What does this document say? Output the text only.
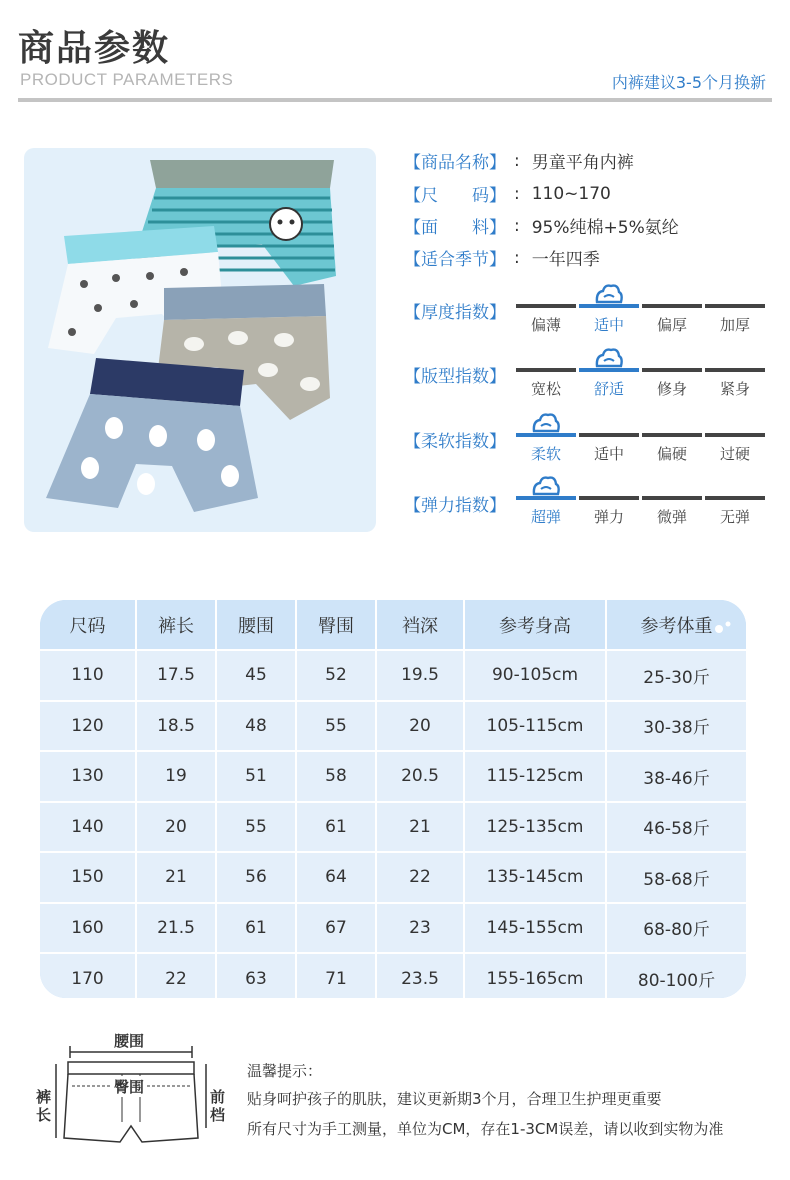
商品参数
PRODUCT PARAMETERS	内裤建议3-5个月换新
【商品名称】 : 男童平角内裤
【尺　　码】 : 110~170
【面　　料】 : 95%纯棉+5%氨纶
【适合季节】 : 一年四季
【厚度指数】
偏薄	适中	偏厚	加厚
【版型指数】
宽松	舒适	修身	紧身
【柔软指数】
柔软	适中	偏硬	过硬
【弹力指数】
超弹	弹力	微弹	无弹
尺码	裤长	腰围	臀围	裆深	参考身高	参考体重
110	17.5	45	52	19.5	90-105cm	25-30斤
120	18.5	48	55	20	105-115cm	30-38斤
130	19	51	58	20.5	115-125cm	38-46斤
140	20	55	61	21	125-135cm	46-58斤
150	21	56	64	22	135-145cm	58-68斤
160	21.5	61	67	23	145-155cm	68-80斤
170	22	63	71	23.5	155-165cm	80-100斤
腰围
臀围
裤长
前档
温馨提示：
贴身呵护孩子的肌肤，建议更新期3个月，合理卫生护理更重要
所有尺寸为手工测量，单位为CM，存在1-3CM误差，请以收到实物为准
